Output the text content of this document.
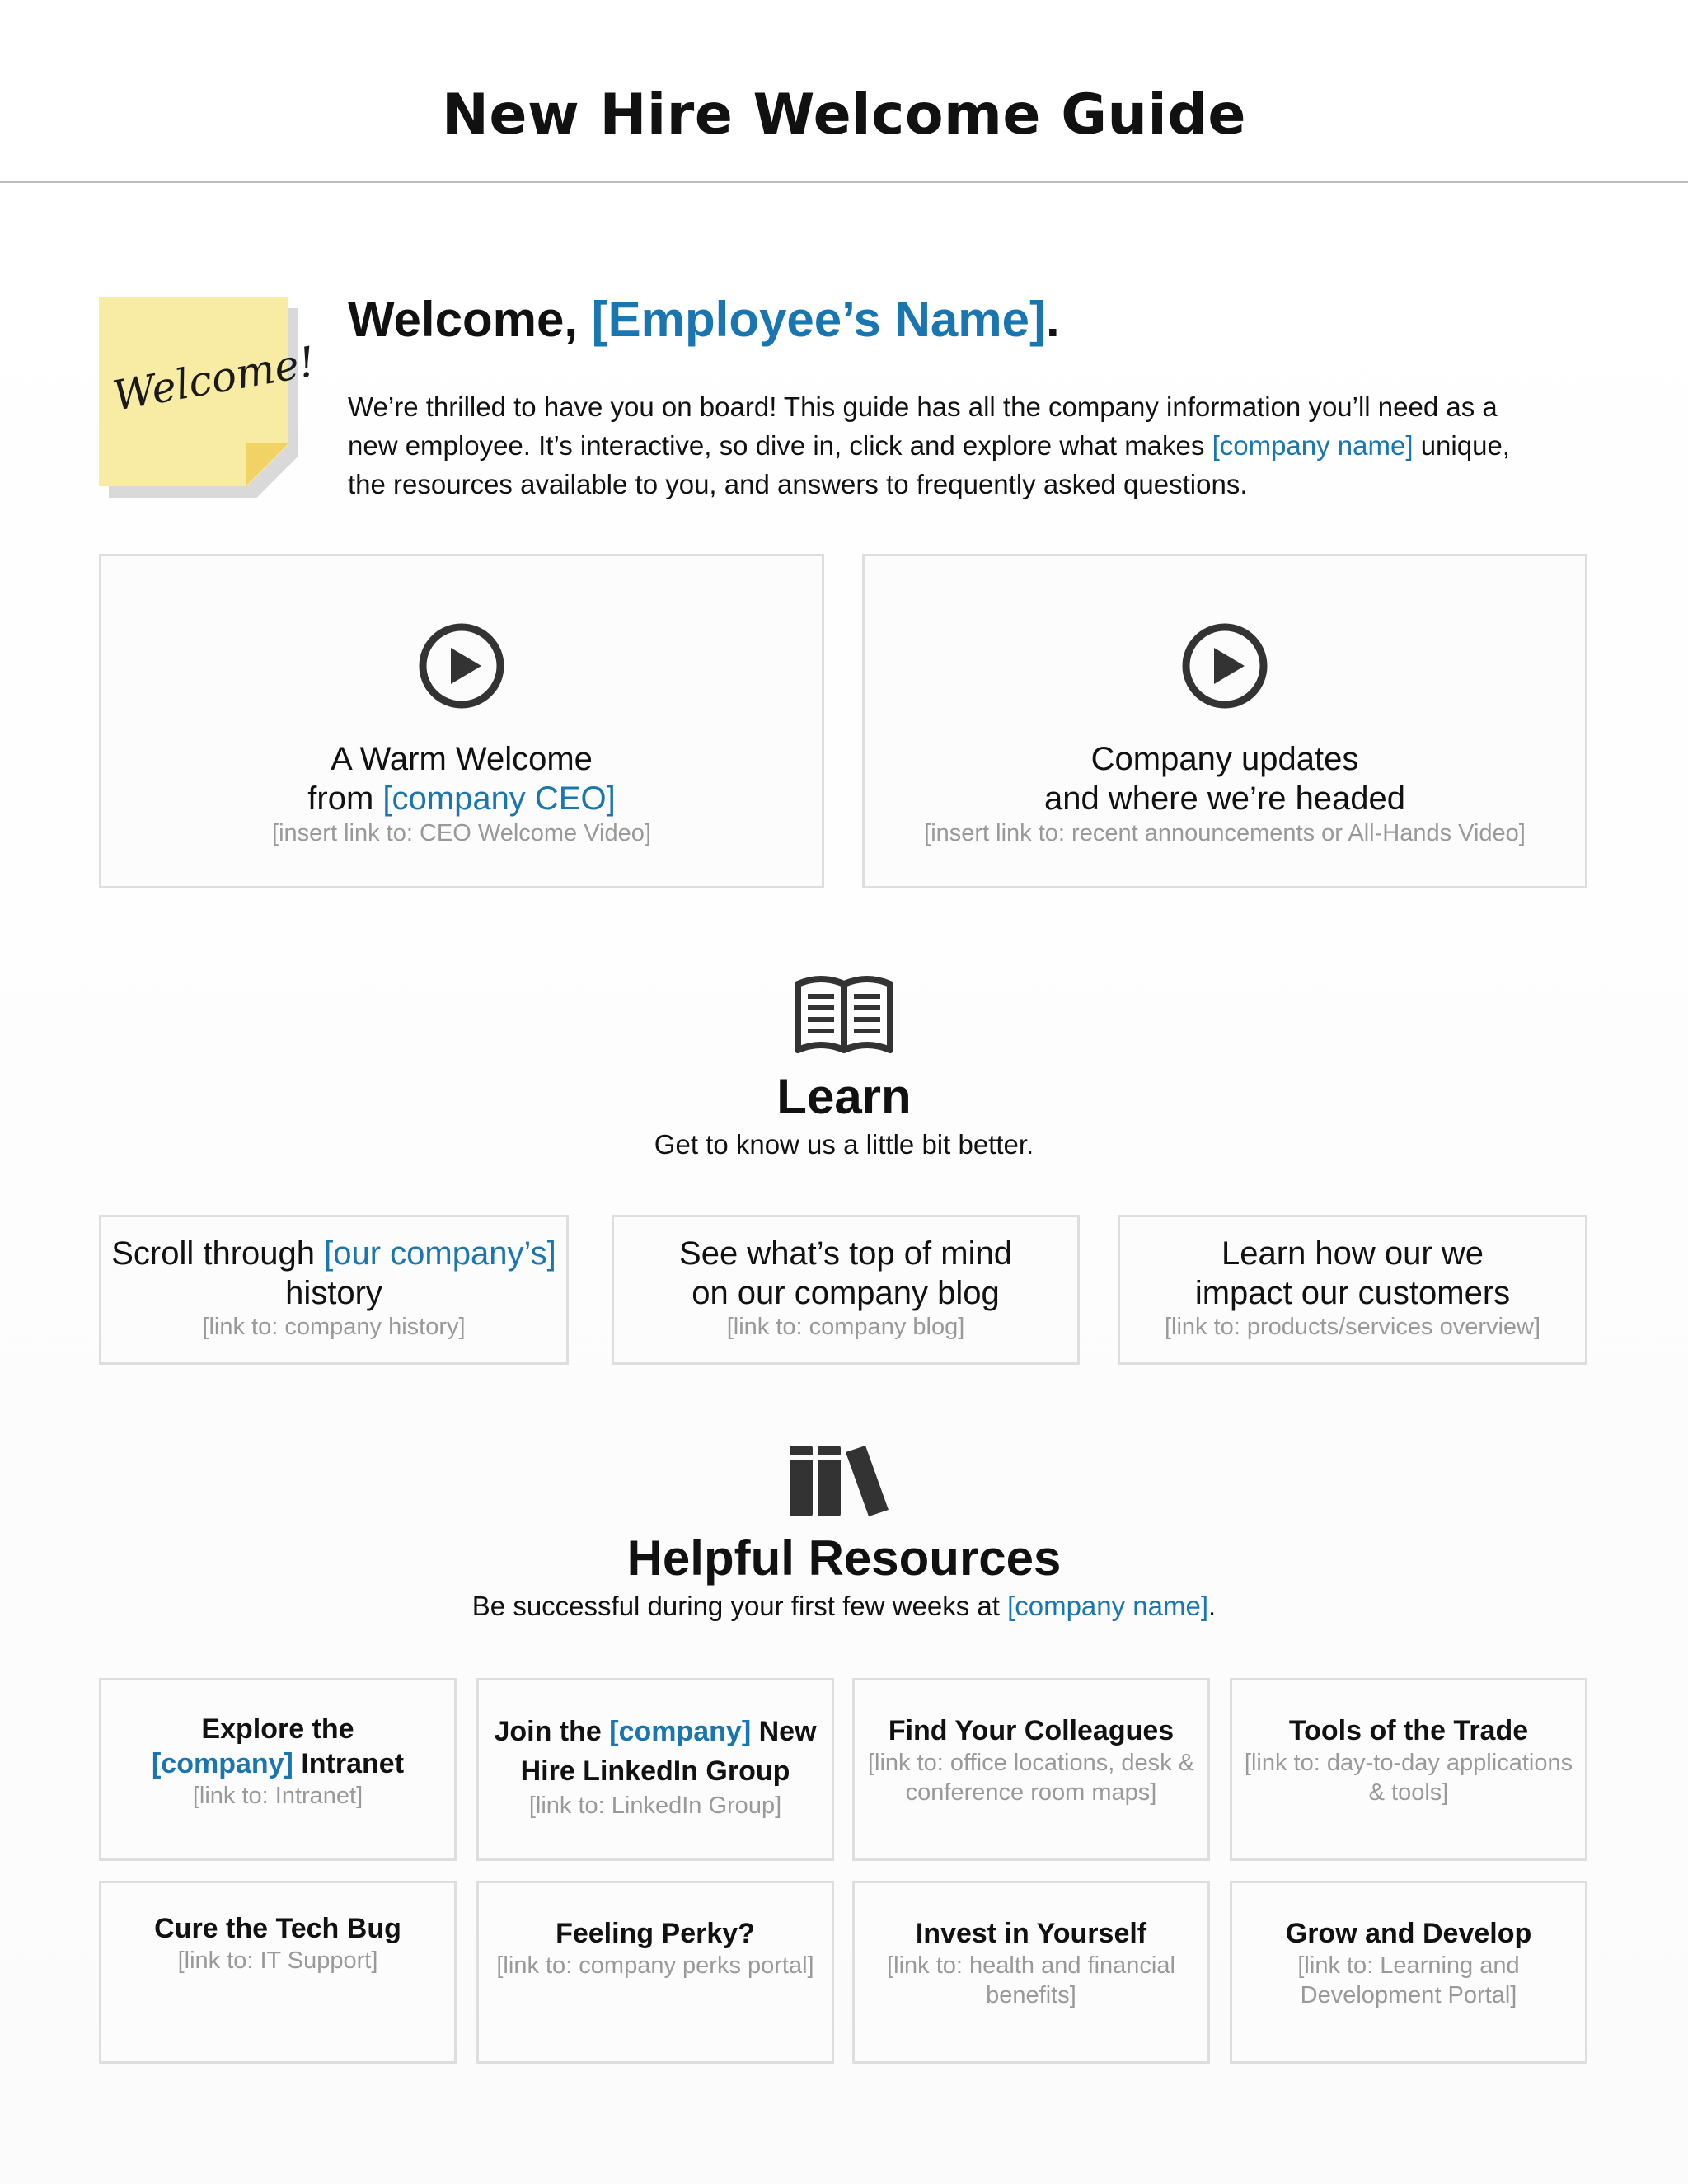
New Hire Welcome Guide
Welcome!
Welcome, [Employee’s Name].
We’re thrilled to have you on board! This guide has all the company information you’ll need as a new employee. It’s interactive, so dive in, click and explore what makes [company name] unique, the resources available to you, and answers to frequently asked questions.
A Warm Welcome
from [company CEO]
[insert link to: CEO Welcome Video]
Company updates
and where we’re headed
[insert link to: recent announcements or All-Hands Video]
Learn
Get to know us a little bit better.
Scroll through [our company’s] history
[link to: company history]
See what’s top of mind
on our company blog
[link to: company blog]
Learn how our we
impact our customers
[link to: products/services overview]
Helpful Resources
Be successful during your first few weeks at [company name].
Explore the
[company] Intranet
[link to: Intranet]
Join the [company] New Hire LinkedIn Group
[link to: LinkedIn Group]
Find Your Colleagues
[link to: office locations, desk & conference room maps]
Tools of the Trade
[link to: day-to-day applications & tools]
Cure the Tech Bug
[link to: IT Support]
Feeling Perky?
[link to: company perks portal]
Invest in Yourself
[link to: health and financial benefits]
Grow and Develop
[link to: Learning and Development Portal]
